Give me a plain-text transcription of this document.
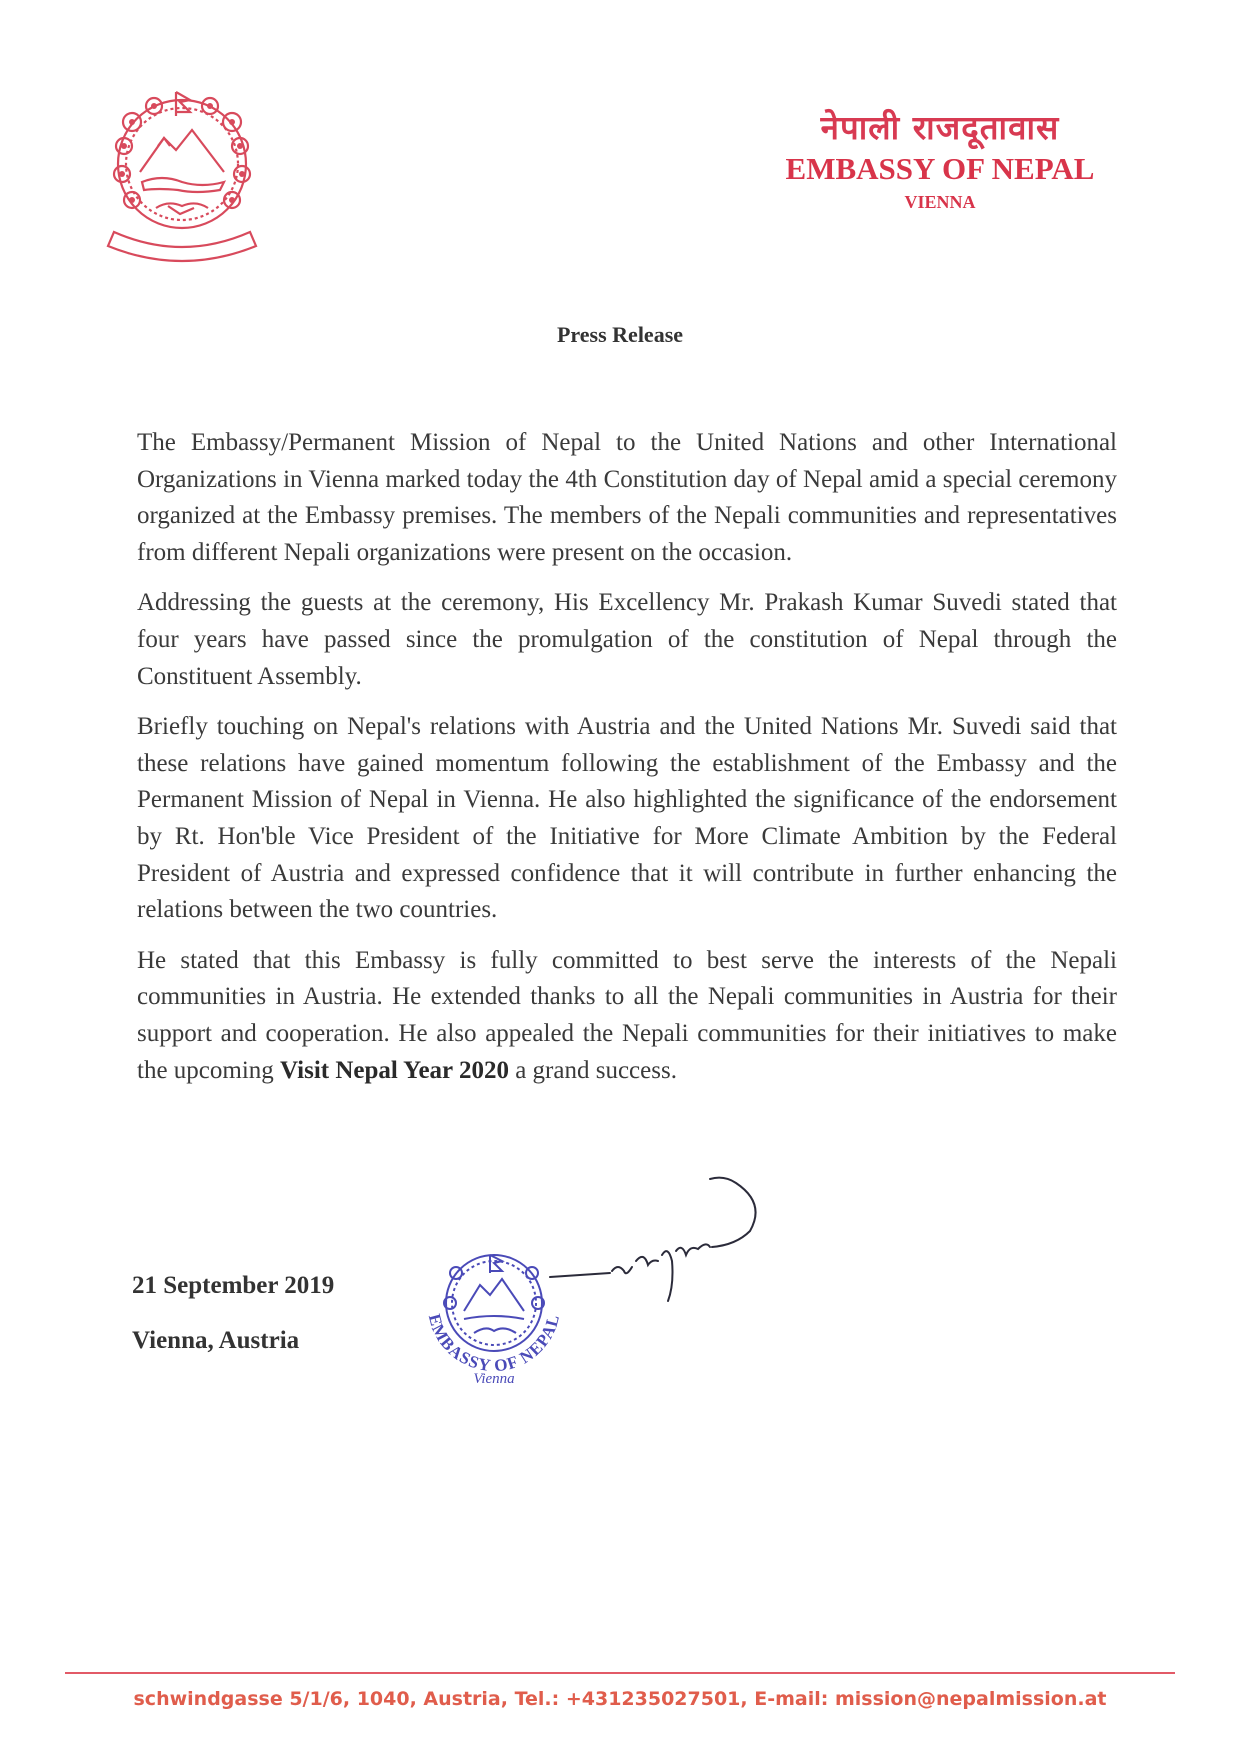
नेपाली राजदूतावास
EMBASSY OF NEPAL
VIENNA
Press Release

The Embassy/Permanent Mission of Nepal to the United Nations and other International Organizations in Vienna marked today the 4th Constitution day of Nepal amid a special ceremony organized at the Embassy premises. The members of the Nepali communities and representatives from different Nepali organizations were present on the occasion.

Addressing the guests at the ceremony, His Excellency Mr. Prakash Kumar Suvedi stated that four years have passed since the promulgation of the constitution of Nepal through the Constituent Assembly.

Briefly touching on Nepal's relations with Austria and the United Nations Mr. Suvedi said that these relations have gained momentum following the establishment of the Embassy and the Permanent Mission of Nepal in Vienna. He also highlighted the significance of the endorsement by Rt. Hon'ble Vice President of the Initiative for More Climate Ambition by the Federal President of Austria and expressed confidence that it will contribute in further enhancing the relations between the two countries.

He stated that this Embassy is fully committed to best serve the interests of the Nepali communities in Austria. He extended thanks to all the Nepali communities in Austria for their support and cooperation. He also appealed the Nepali communities for their initiatives to make the upcoming Visit Nepal Year 2020 a grand success.

21 September 2019
Vienna, Austria
EMBASSY OF NEPAL
Vienna
schwindgasse 5/1/6, 1040, Austria, Tel.: +431235027501, E-mail: mission@nepalmission.at
